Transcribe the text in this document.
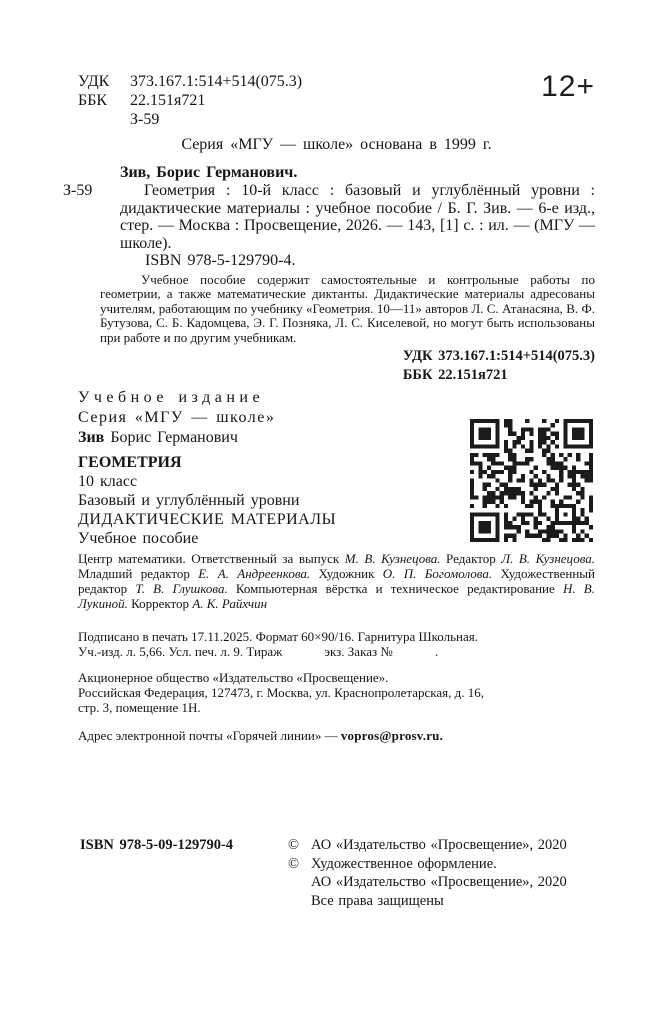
УДК 373.167.1:514+514(075.3)
ББК	22.151я721
З-59
12+
Серия «МГУ — школе» основана в 1999 г.
Зив, Борис Германович.
З-59	Геометрия : 10-й класс : базовый и углублённый уровни : дидактические материалы : учебное пособие / Б. Г. Зив. — 6-е изд., стер. — Москва : Просвещение, 2026. — 143, [1] с. : ил. — (МГУ — школе).
ISBN 978-5-129790-4.
Учебное пособие содержит самостоятельные и контрольные работы по геометрии, а также математические диктанты. Дидактические материалы адресованы учителям, работающим по учебнику «Геометрия. 10—11» авторов Л. С. Атанасяна, В. Ф. Бутузова, С. Б. Кадомцева, Э. Г. Позняка, Л. С. Киселевой, но могут быть использованы при работе и по другим учебникам.
УДК 373.167.1:514+514(075.3)
ББК 22.151я721
Учебное издание
Серия «МГУ — школе»
Зив Борис Германович
ГЕОМЕТРИЯ
10 класс
Базовый и углублённый уровни
ДИДАКТИЧЕСКИЕ МАТЕРИАЛЫ
Учебное пособие
Центр математики. Ответственный за выпуск М. В. Кузнецова. Редактор Л. В. Кузнецова. Младший редактор Е. А. Андреенкова. Художник О. П. Богомолова. Художественный редактор Т. В. Глушкова. Компьютерная вёрстка и техническое редактирование Н. В. Лукиной. Корректор А. К. Райхчин
Подписано в печать 17.11.2025. Формат 60×90/16. Гарнитура Школьная.
Уч.-изд. л. 5,66. Усл. печ. л. 9. Тираж             экз. Заказ №             .
Акционерное общество «Издательство «Просвещение».
Российская Федерация, 127473, г. Москва, ул. Краснопролетарская, д. 16,
стр. 3, помещение 1Н.
Адрес электронной почты «Горячей линии» — vopros@prosv.ru.
ISBN 978-5-09-129790-4	© АО «Издательство «Просвещение», 2020
© Художественное оформление.
АО «Издательство «Просвещение», 2020
Все права защищены
